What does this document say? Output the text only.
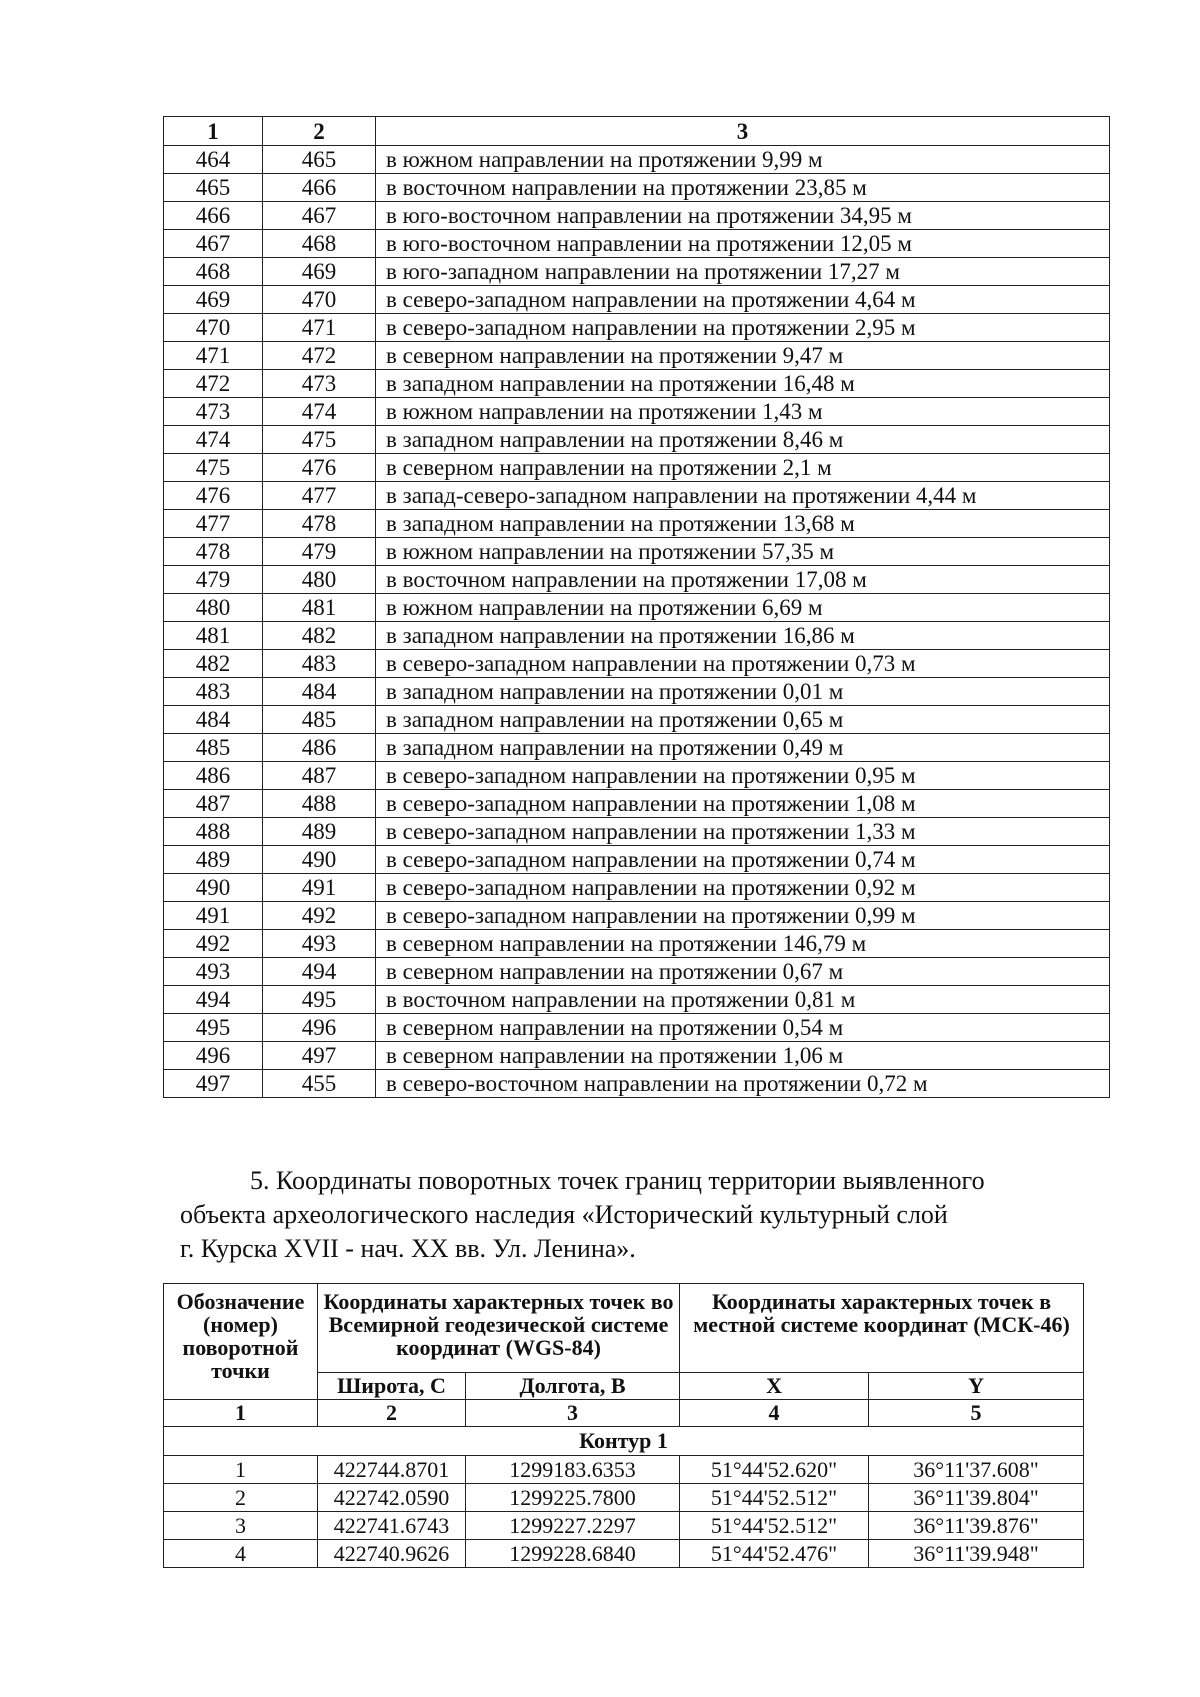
1	2	3
464	465	в южном направлении на протяжении 9,99 м
465	466	в восточном направлении на протяжении 23,85 м
466	467	в юго-восточном направлении на протяжении 34,95 м
467	468	в юго-восточном направлении на протяжении 12,05 м
468	469	в юго-западном направлении на протяжении 17,27 м
469	470	в северо-западном направлении на протяжении 4,64 м
470	471	в северо-западном направлении на протяжении 2,95 м
471	472	в северном направлении на протяжении 9,47 м
472	473	в западном направлении на протяжении 16,48 м
473	474	в южном направлении на протяжении 1,43 м
474	475	в западном направлении на протяжении 8,46 м
475	476	в северном направлении на протяжении 2,1 м
476	477	в запад-северо-западном направлении на протяжении 4,44 м
477	478	в западном направлении на протяжении 13,68 м
478	479	в южном направлении на протяжении 57,35 м
479	480	в восточном направлении на протяжении 17,08 м
480	481	в южном направлении на протяжении 6,69 м
481	482	в западном направлении на протяжении 16,86 м
482	483	в северо-западном направлении на протяжении 0,73 м
483	484	в западном направлении на протяжении 0,01 м
484	485	в западном направлении на протяжении 0,65 м
485	486	в западном направлении на протяжении 0,49 м
486	487	в северо-западном направлении на протяжении 0,95 м
487	488	в северо-западном направлении на протяжении 1,08 м
488	489	в северо-западном направлении на протяжении 1,33 м
489	490	в северо-западном направлении на протяжении 0,74 м
490	491	в северо-западном направлении на протяжении 0,92 м
491	492	в северо-западном направлении на протяжении 0,99 м
492	493	в северном направлении на протяжении 146,79 м
493	494	в северном направлении на протяжении 0,67 м
494	495	в восточном направлении на протяжении 0,81 м
495	496	в северном направлении на протяжении 0,54 м
496	497	в северном направлении на протяжении 1,06 м
497	455	в северо-восточном направлении на протяжении 0,72 м
5. Координаты поворотных точек границ территории выявленного
объекта археологического наследия «Исторический культурный слой
г. Курска XVII - нач. XX вв. Ул. Ленина».
Обозначение (номер) поворотной точки	Координаты характерных точек во Всемирной геодезической системе координат (WGS-84)		Координаты характерных точек в местной системе координат (МСК-46)	
	Широта, С	Долгота, В	X	Y
1	2	3	4	5
Контур 1				
1	422744.8701	1299183.6353	51°44'52.620"	36°11'37.608"
2	422742.0590	1299225.7800	51°44'52.512"	36°11'39.804"
3	422741.6743	1299227.2297	51°44'52.512"	36°11'39.876"
4	422740.9626	1299228.6840	51°44'52.476"	36°11'39.948"
